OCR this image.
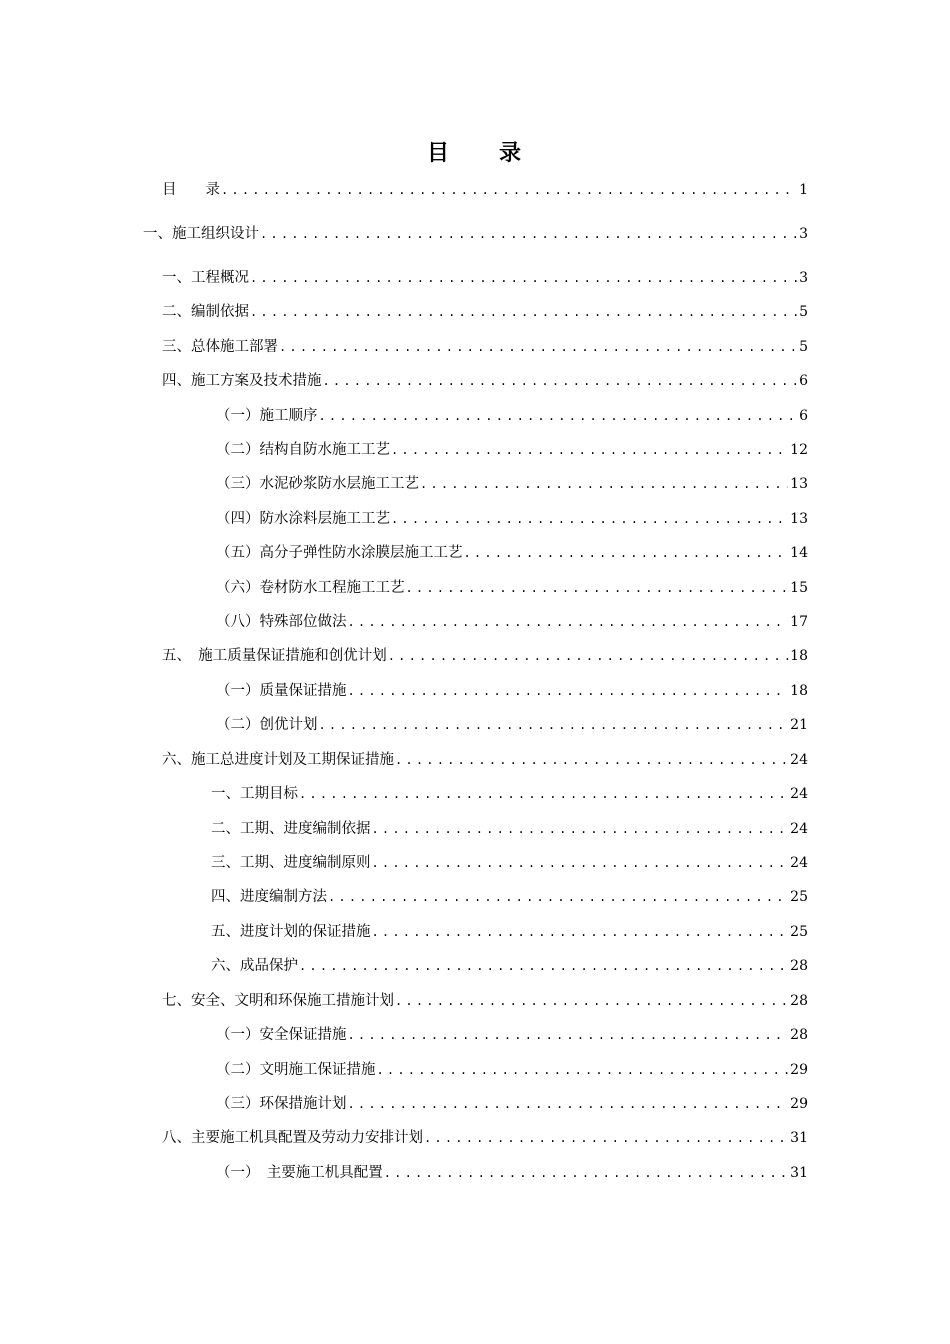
目　　录
目　　录 .....	1
一、施工组织设计 .....	3
一、工程概况 .....	3
二、编制依据 .....	5
三、总体施工部署 .....	5
四、施工方案及技术措施 .....	6
（一）施工顺序 .....	6
（二）结构自防水施工工艺 .....	12
（三）水泥砂浆防水层施工工艺 .....	13
（四）防水涂料层施工工艺 .....	13
（五）高分子弹性防水涂膜层施工工艺 .....	14
（六）卷材防水工程施工工艺 .....	15
（八）特殊部位做法 .....	17
五、　施工质量保证措施和创优计划 .....	18
（一）质量保证措施 .....	18
（二）创优计划 .....	21
六、施工总进度计划及工期保证措施 .....	24
一、工期目标 .....	24
二、工期、进度编制依据 .....	24
三、工期、进度编制原则 .....	24
四、进度编制方法 .....	25
五、进度计划的保证措施 .....	25
六、成品保护 .....	28
七、安全、文明和环保施工措施计划 .....	28
（一）安全保证措施 .....	28
（二）文明施工保证措施 .....	29
（三）环保措施计划 .....	29
八、主要施工机具配置及劳动力安排计划 .....	31
（一）　主要施工机具配置 .....	31
